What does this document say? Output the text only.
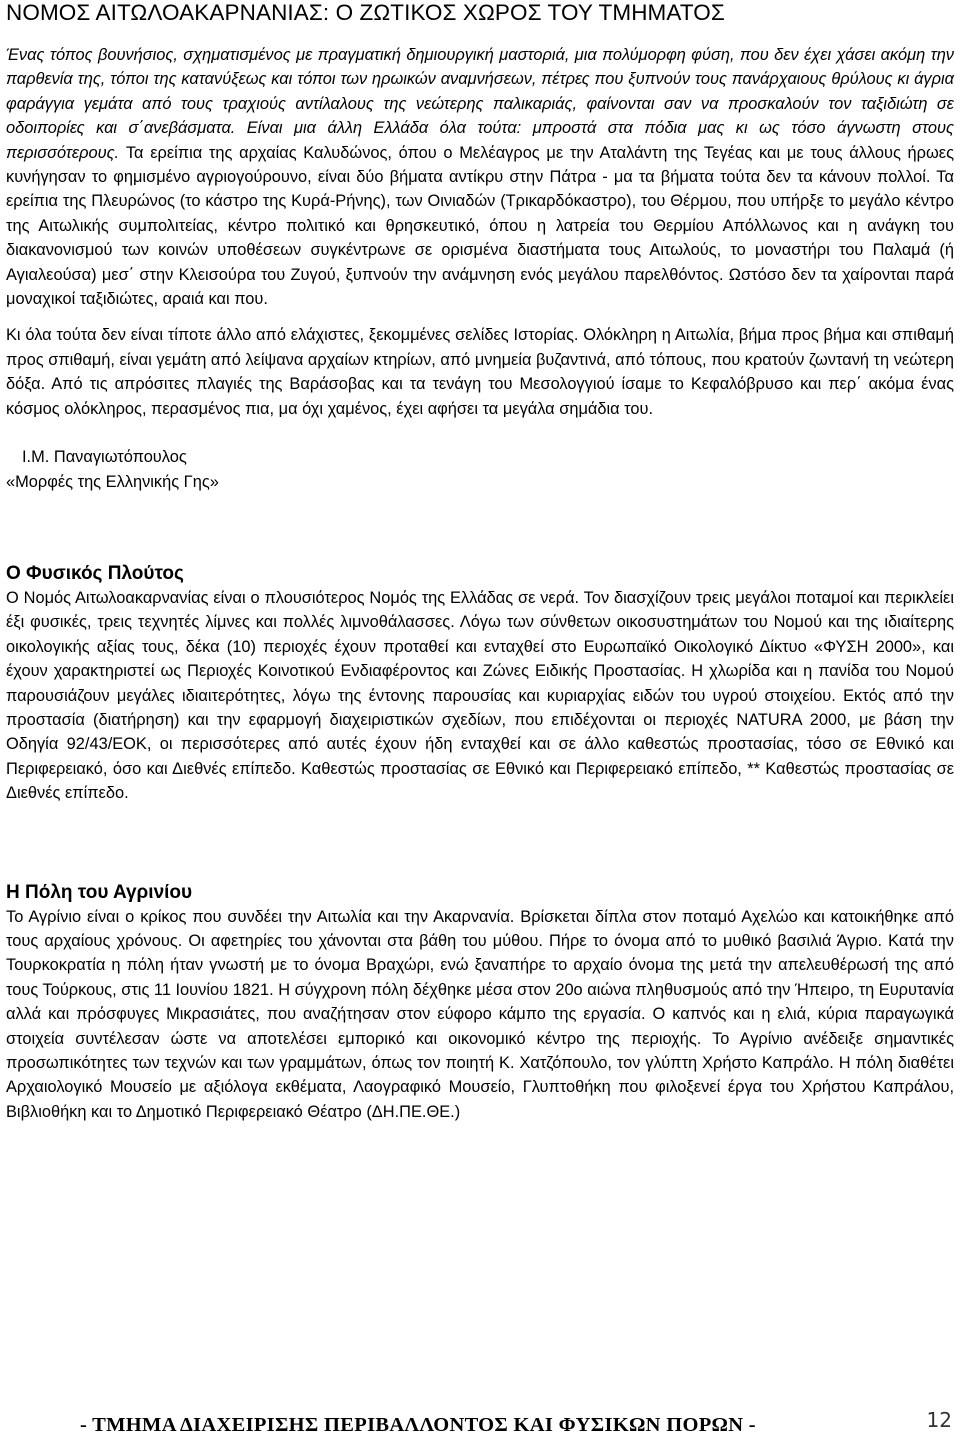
ΝΟΜΟΣ ΑΙΤΩΛΟΑΚΑΡΝΑΝΙΑΣ: Ο ΖΩΤΙΚΟΣ ΧΩΡΟΣ ΤΟΥ ΤΜΗΜΑΤΟΣ

Ένας τόπος βουνήσιος, σχηματισμένος με πραγματική δημιουργική μαστοριά, μια πολύμορφη φύση, που δεν έχει χάσει ακόμη την παρθενία της, τόποι της κατανύξεως και τόποι των ηρωικών αναμνήσεων, πέτρες που ξυπνούν τους πανάρχαιους θρύλους κι άγρια φαράγγια γεμάτα από τους τραχιούς αντίλαλους της νεώτερης παλικαριάς, φαίνονται σαν να προσκαλούν τον ταξιδιώτη σε οδοιπορίες και σ΄ανεβάσματα. Είναι μια άλλη Ελλάδα όλα τούτα: μπροστά στα πόδια μας κι ως τόσο άγνωστη στους περισσότερους. Τα ερείπια της αρχαίας Καλυδώνος, όπου ο Μελέαγρος με την Αταλάντη της Τεγέας και με τους άλλους ήρωες κυνήγησαν το φημισμένο αγριογούρουνο, είναι δύο βήματα αντίκρυ στην Πάτρα - μα τα βήματα τούτα δεν τα κάνουν πολλοί. Τα ερείπια της Πλευρώνος (το κάστρο της Κυρά-Ρήνης), των Οινιαδών (Τρικαρδόκαστρο), του Θέρμου, που υπήρξε το μεγάλο κέντρο της Αιτωλικής συμπολιτείας, κέντρο πολιτικό και θρησκευτικό, όπου η λατρεία του Θερμίου Απόλλωνος και η ανάγκη του διακανονισμού των κοινών υποθέσεων συγκέντρωνε σε ορισμένα διαστήματα τους Αιτωλούς, το μοναστήρι του Παλαμά (ή Αγιαλεούσα) μεσ΄ στην Κλεισούρα του Ζυγού, ξυπνούν την ανάμνηση ενός μεγάλου παρελθόντος. Ωστόσο δεν τα χαίρονται παρά μοναχικοί ταξιδιώτες, αραιά και που.

Κι όλα τούτα δεν είναι τίποτε άλλο από ελάχιστες, ξεκομμένες σελίδες Ιστορίας. Ολόκληρη η Αιτωλία, βήμα προς βήμα και σπιθαμή προς σπιθαμή, είναι γεμάτη από λείψανα αρχαίων κτηρίων, από μνημεία βυζαντινά, από τόπους, που κρατούν ζωντανή τη νεώτερη δόξα. Από τις απρόσιτες πλαγιές της Βαράσοβας και τα τενάγη του Μεσολογγιού ίσαμε το Κεφαλόβρυσο και περ΄ ακόμα ένας κόσμος ολόκληρος, περασμένος πια, μα όχι χαμένος, έχει αφήσει τα μεγάλα σημάδια του.

Ι.Μ. Παναγιωτόπουλος
«Μορφές της Ελληνικής Γης»
Ο Φυσικός Πλούτος

Ο Νομός Αιτωλοακαρνανίας είναι ο πλουσιότερος Νομός της Ελλάδας σε νερά. Τον διασχίζουν τρεις μεγάλοι ποταμοί και περικλείει έξι φυσικές, τρεις τεχνητές λίμνες και πολλές λιμνοθάλασσες. Λόγω των σύνθετων οικοσυστημάτων του Νομού και της ιδιαίτερης οικολογικής αξίας τους, δέκα (10) περιοχές έχουν προταθεί και ενταχθεί στο Ευρωπαϊκό Οικολογικό Δίκτυο «ΦΥΣΗ 2000», και έχουν χαρακτηριστεί ως Περιοχές Κοινοτικού Ενδιαφέροντος και Ζώνες Ειδικής Προστασίας. Η χλωρίδα και η πανίδα του Νομού παρουσιάζουν μεγάλες ιδιαιτερότητες, λόγω της έντονης παρουσίας και κυριαρχίας ειδών του υγρού στοιχείου. Εκτός από την προστασία (διατήρηση) και την εφαρμογή διαχειριστικών σχεδίων, που επιδέχονται οι περιοχές NATURA 2000, με βάση την Οδηγία 92/43/ΕΟΚ, οι περισσότερες από αυτές έχουν ήδη ενταχθεί και σε άλλο καθεστώς προστασίας, τόσο σε Εθνικό και Περιφερειακό, όσο και Διεθνές επίπεδο. Καθεστώς προστασίας σε Εθνικό και Περιφερειακό επίπεδο, ** Καθεστώς προστασίας σε Διεθνές επίπεδο.

Η Πόλη του Αγρινίου

Το Αγρίνιο είναι ο κρίκος που συνδέει την Αιτωλία και την Ακαρνανία. Βρίσκεται δίπλα στον ποταμό Αχελώο και κατοικήθηκε από τους αρχαίους χρόνους. Οι αφετηρίες του χάνονται στα βάθη του μύθου. Πήρε το όνομα από το μυθικό βασιλιά Άγριο. Κατά την Τουρκοκρατία η πόλη ήταν γνωστή με το όνομα Βραχώρι, ενώ ξαναπήρε το αρχαίο όνομα της μετά την απελευθέρωσή της από τους Τούρκους, στις 11 Ιουνίου 1821. Η σύγχρονη πόλη δέχθηκε μέσα στον 20ο αιώνα πληθυσμούς από την Ήπειρο, τη Ευρυτανία αλλά και πρόσφυγες Μικρασιάτες, που αναζήτησαν στον εύφορο κάμπο της εργασία. Ο καπνός και η ελιά, κύρια παραγωγικά στοιχεία συντέλεσαν ώστε να αποτελέσει εμπορικό και οικονομικό κέντρο της περιοχής. Το Αγρίνιο ανέδειξε σημαντικές προσωπικότητες των τεχνών και των γραμμάτων, όπως τον ποιητή Κ. Χατζόπουλο, τον γλύπτη Χρήστο Καπράλο. Η πόλη διαθέτει Αρχαιολογικό Μουσείο με αξιόλογα εκθέματα, Λαογραφικό Μουσείο, Γλυπτοθήκη που φιλοξενεί έργα του Χρήστου Καπράλου, Βιβλιοθήκη και το Δημοτικό Περιφερειακό Θέατρο (ΔΗ.ΠΕ.ΘΕ.)

- ΤΜΗΜΑ ΔΙΑΧΕΙΡΙΣΗΣ ΠΕΡΙΒΑΛΛΟΝΤΟΣ ΚΑΙ ΦΥΣΙΚΩΝ ΠΟΡΩΝ -	12
